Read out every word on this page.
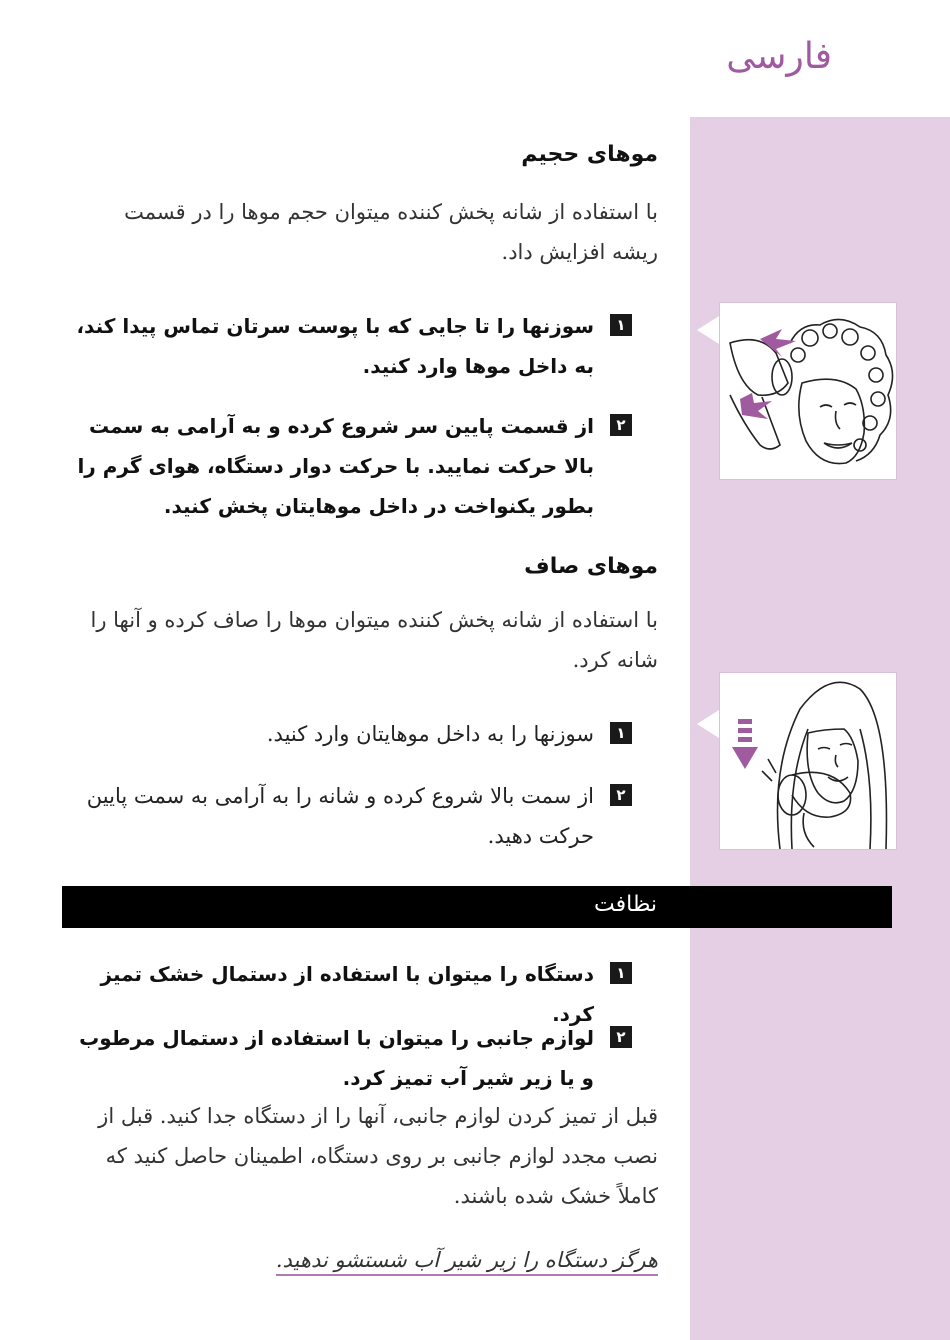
فارسی
موهای حجیم
با استفاده از شانه پخش کننده میتوان حجم موها را در قسمت ریشه افزایش داد.
۱
سوزنها را تا جایی که با پوست سرتان تماس پیدا کند، به داخل موها وارد کنید.
۲
از قسمت پایین سر شروع کرده و به آرامی به سمت بالا حرکت نمایید. با حرکت دوار دستگاه، هوای گرم را بطور یکنواخت در داخل موهایتان پخش کنید.
موهای صاف
با استفاده از شانه پخش کننده میتوان موها را صاف کرده و آنها را شانه کرد.
۱
سوزنها را به داخل موهایتان وارد کنید.
۲
از سمت بالا شروع کرده و شانه را به آرامی به سمت پایین حرکت دهید.
نظافت
۱
دستگاه را میتوان با استفاده از دستمال خشک تمیز کرد.
۲
لوازم جانبی را میتوان با استفاده از دستمال مرطوب و یا زیر شیر آب تمیز کرد.
قبل از تمیز کردن لوازم جانبی، آنها را از دستگاه جدا کنید. قبل از نصب مجدد لوازم جانبی بر روی دستگاه، اطمینان حاصل کنید که کاملاً خشک شده باشند.
هرگز دستگاه را زیر شیر آب شستشو ندهید.
